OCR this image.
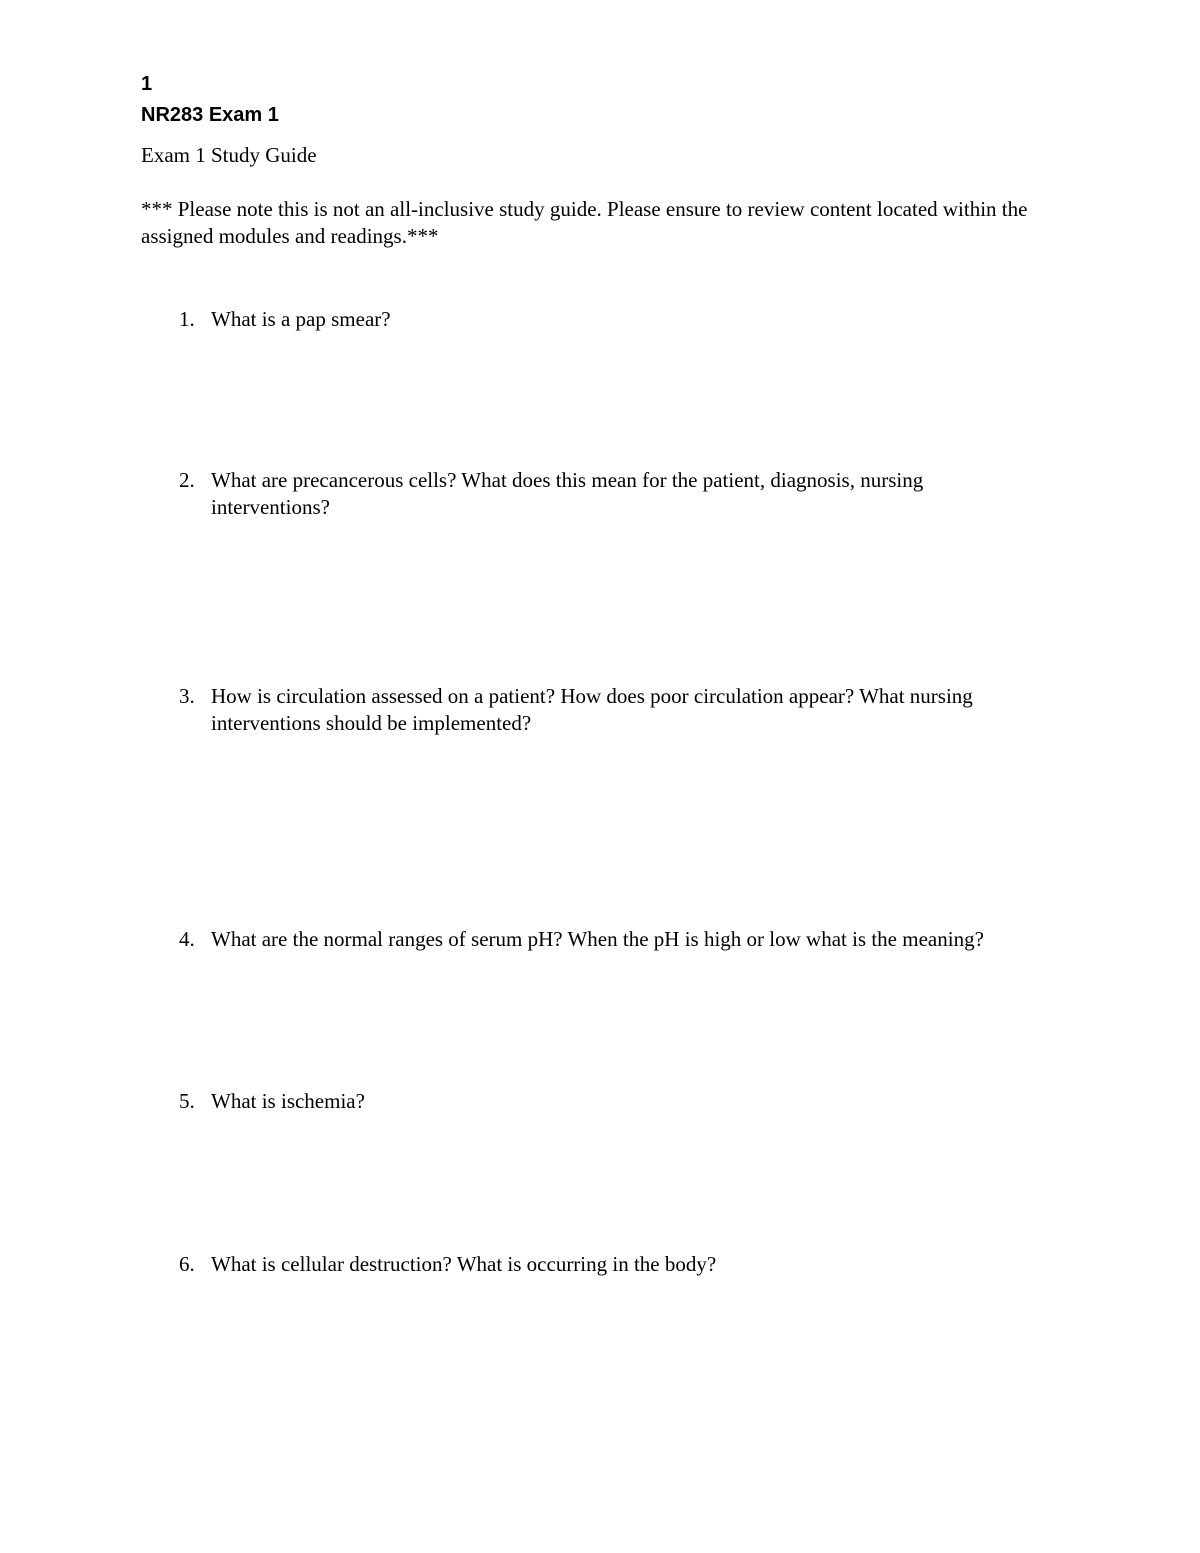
1

NR283 Exam 1

Exam 1 Study Guide

*** Please note this is not an all-inclusive study guide. Please ensure to review content located within the assigned modules and readings.***

1. What is a pap smear?
2. What are precancerous cells? What does this mean for the patient, diagnosis, nursing interventions?
3. How is circulation assessed on a patient? How does poor circulation appear? What nursing interventions should be implemented?
4. What are the normal ranges of serum pH? When the pH is high or low what is the meaning?
5. What is ischemia?
6. What is cellular destruction? What is occurring in the body?
